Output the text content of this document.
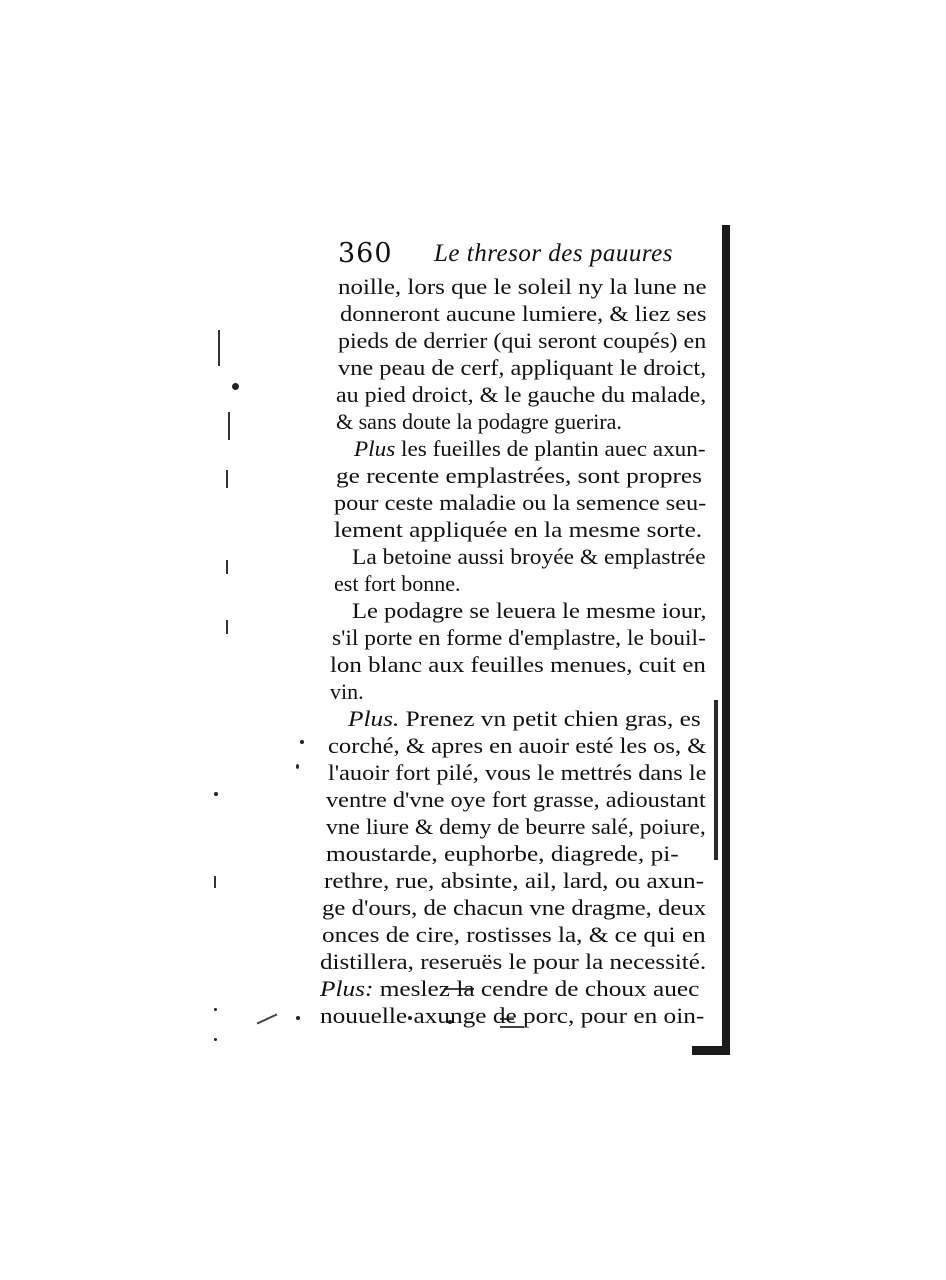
360 Le thresor des pauures
noille, lors que le soleil ny la lune ne
donneront aucune lumiere, & liez ses
pieds de derrier (qui seront coupés) en
vne peau de cerf, appliquant le droict,
au pied droict, & le gauche du malade,
& sans doute la podagre guerira.
Plus les fueilles de plantin auec axun-
ge recente emplastrées, sont propres
pour ceste maladie ou la semence seu-
lement appliquée en la mesme sorte.
La betoine aussi broyée & emplastrée
est fort bonne.
Le podagre se leuera le mesme iour,
s'il porte en forme d'emplastre, le bouil-
lon blanc aux feuilles menues, cuit en
vin.
Plus. Prenez vn petit chien gras, es
corché, & apres en auoir esté les os, &
l'auoir fort pilé, vous le mettrés dans le
ventre d'vne oye fort grasse, adioustant
vne liure & demy de beurre salé, poiure,
moustarde, euphorbe, diagrede, pi-
rethre, rue, absinte, ail, lard, ou axun-
ge d'ours, de chacun vne dragme, deux
onces de cire, rostisses la, & ce qui en
distillera, reseruës le pour la necessité.
Plus: meslez la cendre de choux auec
nouuelle axunge de porc, pour en oin-
